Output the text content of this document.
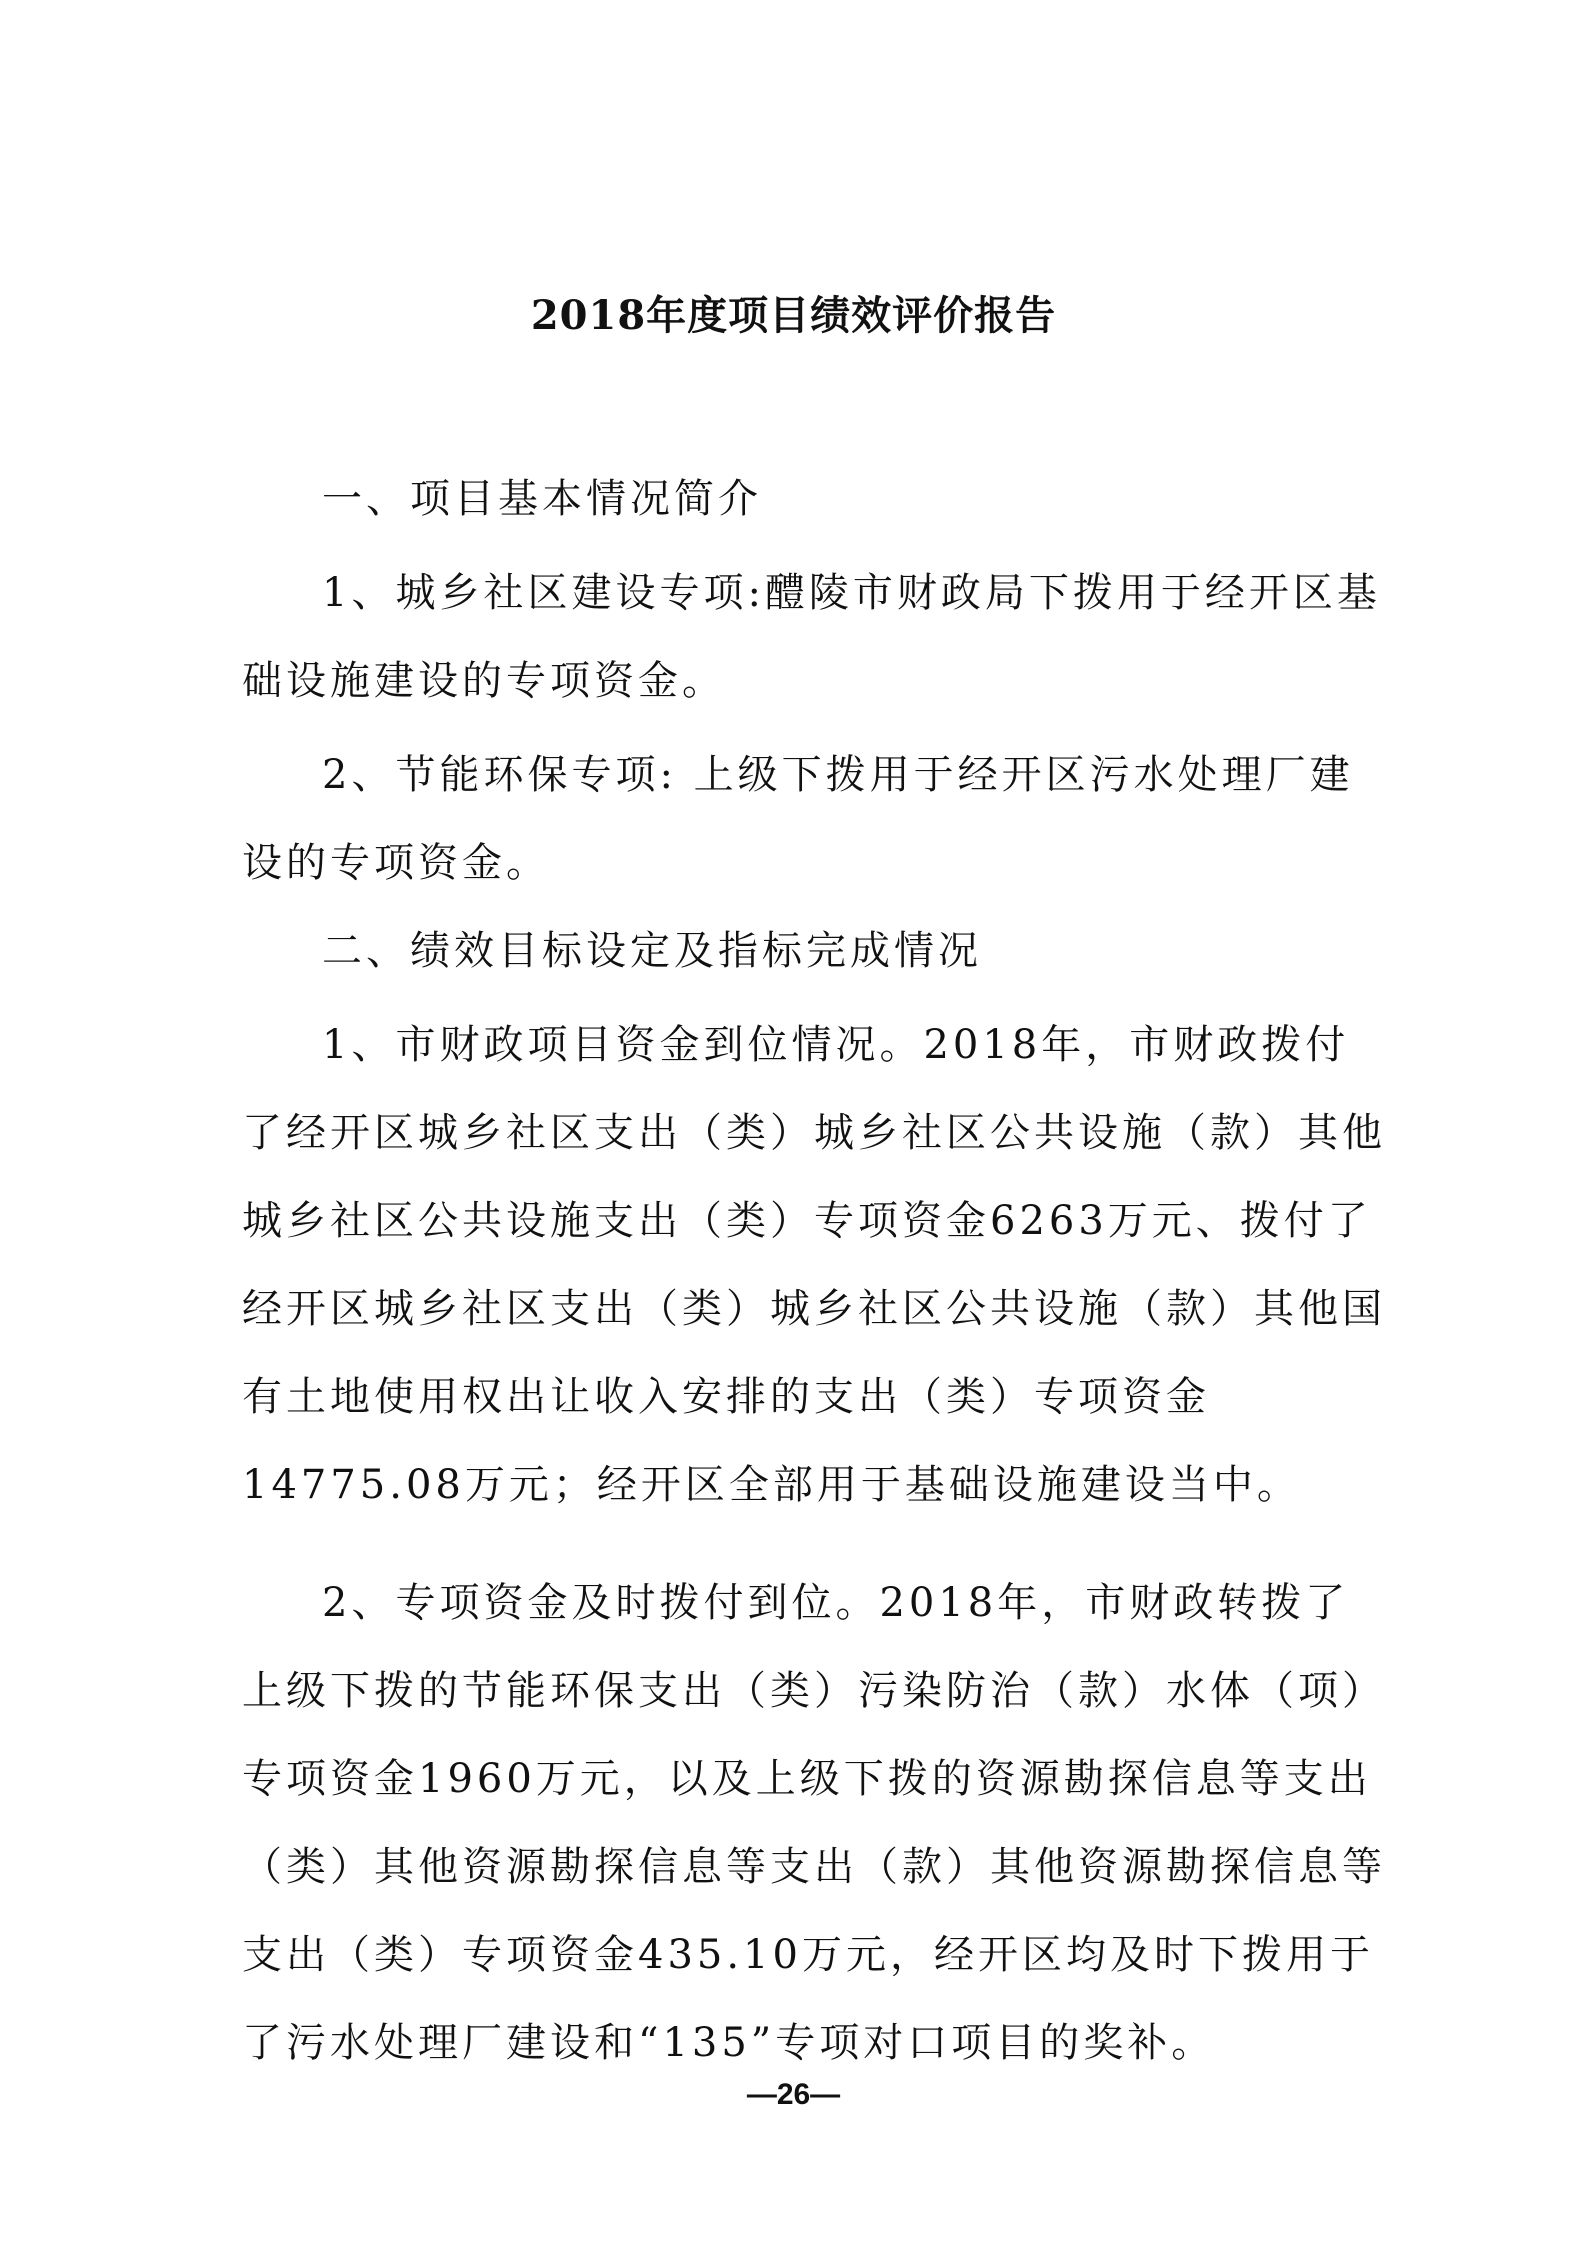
2018年度项目绩效评价报告

一、项目基本情况简介

1、城乡社区建设专项:醴陵市财政局下拨用于经开区基础设施建设的专项资金。

2、节能环保专项: 上级下拨用于经开区污水处理厂建设的专项资金。

二、绩效目标设定及指标完成情况

1、市财政项目资金到位情况。2018年，市财政拨付了经开区城乡社区支出（类）城乡社区公共设施（款）其他城乡社区公共设施支出（类）专项资金6263万元、拨付了经开区城乡社区支出（类）城乡社区公共设施（款）其他国有土地使用权出让收入安排的支出（类）专项资金14775.08万元；经开区全部用于基础设施建设当中。

2、专项资金及时拨付到位。2018年，市财政转拨了上级下拨的节能环保支出（类）污染防治（款）水体（项）专项资金1960万元，以及上级下拨的资源勘探信息等支出（类）其他资源勘探信息等支出（款）其他资源勘探信息等支出（类）专项资金435.10万元，经开区均及时下拨用于了污水处理厂建设和“135”专项对口项目的奖补。

—26—
